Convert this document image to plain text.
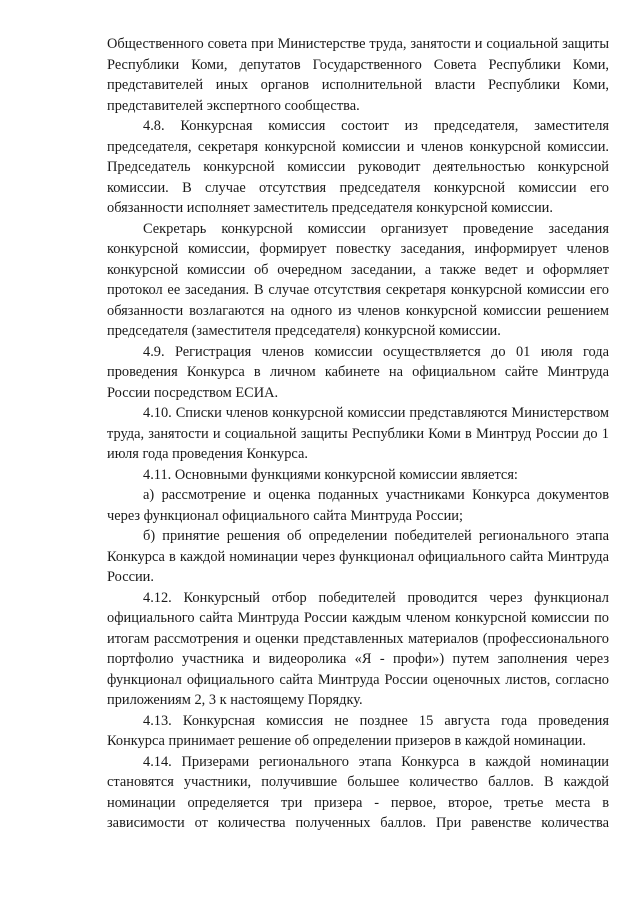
Общественного совета при Министерстве труда, занятости и социальной защиты Республики Коми, депутатов Государственного Совета Республики Коми, представителей иных органов исполнительной власти Республики Коми, представителей экспертного сообщества.

4.8. Конкурсная комиссия состоит из председателя, заместителя председателя, секретаря конкурсной комиссии и членов конкурсной комиссии. Председатель конкурсной комиссии руководит деятельностью конкурсной комиссии. В случае отсутствия председателя конкурсной комиссии его обязанности исполняет заместитель председателя конкурсной комиссии.

Секретарь конкурсной комиссии организует проведение заседания конкурсной комиссии, формирует повестку заседания, информирует членов конкурсной комиссии об очередном заседании, а также ведет и оформляет протокол ее заседания. В случае отсутствия секретаря конкурсной комиссии его обязанности возлагаются на одного из членов конкурсной комиссии решением председателя (заместителя председателя) конкурсной комиссии.

4.9. Регистрация членов комиссии осуществляется до 01 июля года проведения Конкурса в личном кабинете на официальном сайте Минтруда России посредством ЕСИА.

4.10. Списки членов конкурсной комиссии представляются Министерством труда, занятости и социальной защиты Республики Коми в Минтруд России до 1 июля года проведения Конкурса.

4.11. Основными функциями конкурсной комиссии является:

а) рассмотрение и оценка поданных участниками Конкурса документов через функционал официального сайта Минтруда России;

б) принятие решения об определении победителей регионального этапа Конкурса в каждой номинации через функционал официального сайта Минтруда России.

4.12. Конкурсный отбор победителей проводится через функционал официального сайта Минтруда России каждым членом конкурсной комиссии по итогам рассмотрения и оценки представленных материалов (профессионального портфолио участника и видеоролика «Я - профи») путем заполнения через функционал официального сайта Минтруда России оценочных листов, согласно приложениям 2, 3 к настоящему Порядку.

4.13. Конкурсная комиссия не позднее 15 августа года проведения Конкурса принимает решение об определении призеров в каждой номинации.

4.14. Призерами регионального этапа Конкурса в каждой номинации становятся участники, получившие большее количество баллов. В каждой номинации определяется три призера - первое, второе, третье места в зависимости от количества полученных баллов. При равенстве количества
